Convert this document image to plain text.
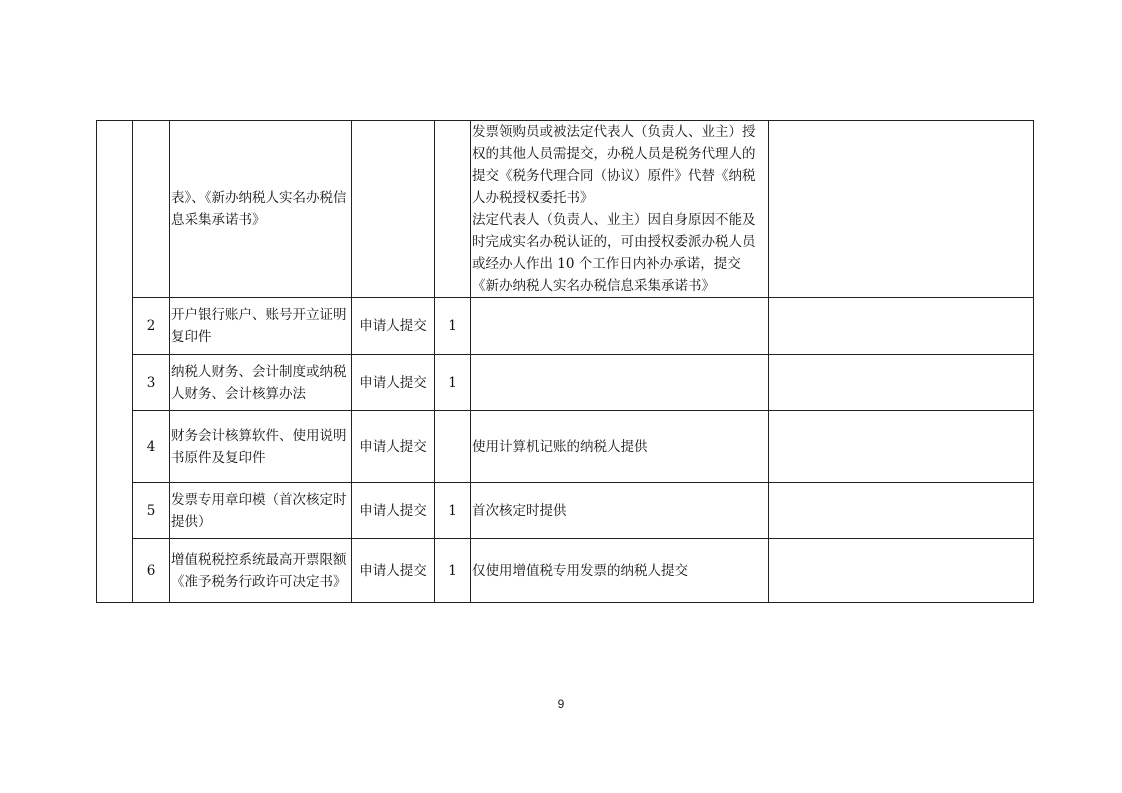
		表》、《新办纳税人实名办税信息采集承诺书》			发票领购员或被法定代表人（负责人、业主）授权的其他人员需提交，办税人员是税务代理人的提交《税务代理合同（协议）原件》代替《纳税人办税授权委托书》
法定代表人（负责人、业主）因自身原因不能及时完成实名办税认证的，可由授权委派办税人员或经办人作出 10 个工作日内补办承诺，提交《新办纳税人实名办税信息采集承诺书》	

	2	开户银行账户、账号开立证明复印件	申请人提交	1		
	3	纳税人财务、会计制度或纳税人财务、会计核算办法	申请人提交	1		
	4	财务会计核算软件、使用说明书原件及复印件	申请人提交		使用计算机记账的纳税人提供	
	5	发票专用章印模（首次核定时提供）	申请人提交	1	首次核定时提供	
	6	增值税税控系统最高开票限额《准予税务行政许可决定书》	申请人提交	1	仅使用增值税专用发票的纳税人提交	
9
